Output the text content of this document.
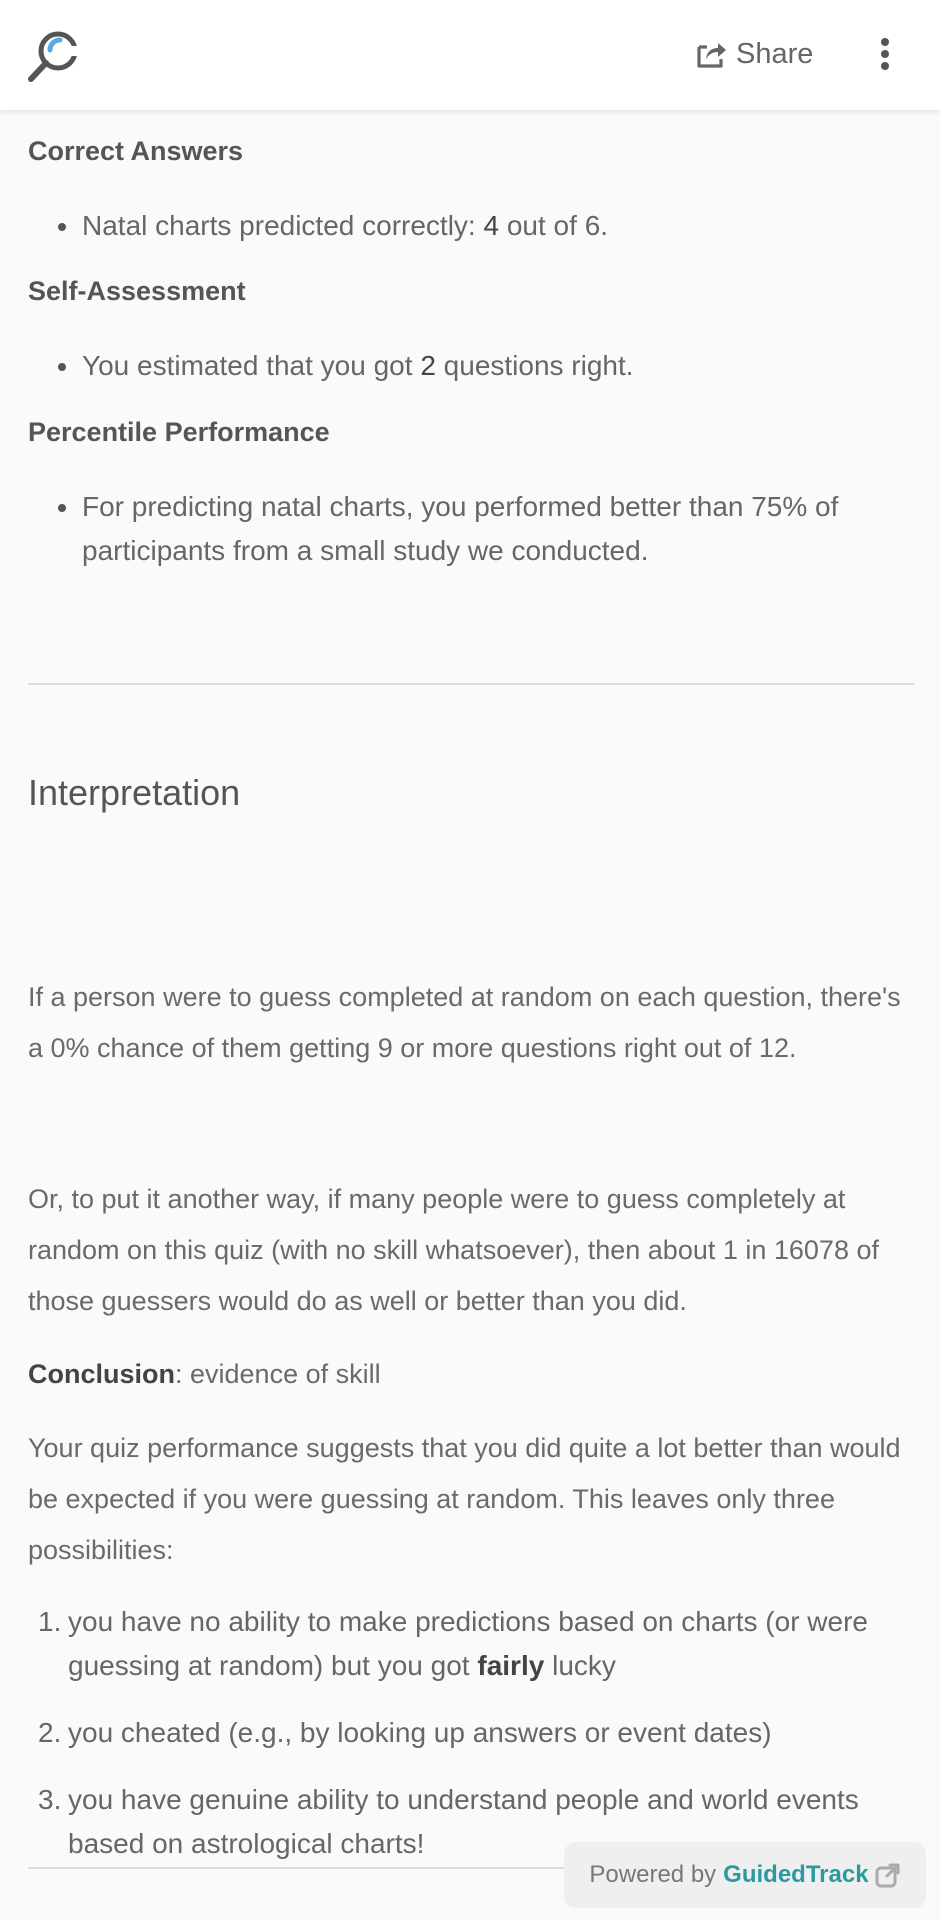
Share
Correct Answers
Natal charts predicted correctly: 4 out of 6.
Self-Assessment
You estimated that you got 2 questions right.
Percentile Performance
For predicting natal charts, you performed better than 75% of participants from a small study we conducted.
Interpretation

If a person were to guess completed at random on each question, there's a 0% chance of them getting 9 or more questions right out of 12.

Or, to put it another way, if many people were to guess completely at random on this quiz (with no skill whatsoever), then about 1 in 16078 of those guessers would do as well or better than you did.

Conclusion: evidence of skill

Your quiz performance suggests that you did quite a lot better than would be expected if you were guessing at random. This leaves only three possibilities:

1. you have no ability to make predictions based on charts (or were guessing at random) but you got fairly lucky
2. you cheated (e.g., by looking up answers or event dates)
3. you have genuine ability to understand people and world events based on astrological charts!
Powered by GuidedTrack
